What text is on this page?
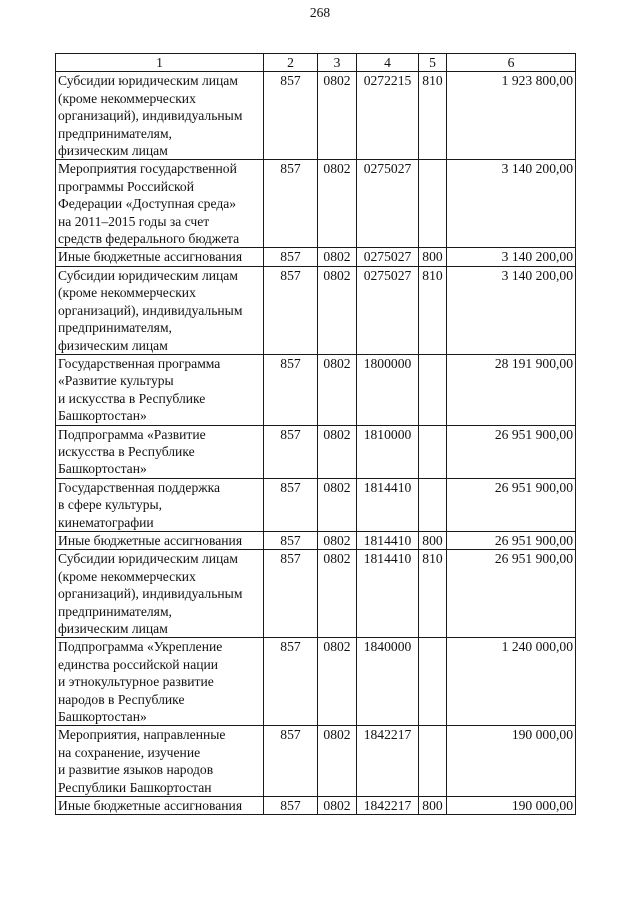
268
1	2	3	4	5	6
Субсидии юридическим лицам
(кроме некоммерческих
организаций), индивидуальным
предпринимателям,
физическим лицам	857	0802	0272215	810	1 923 800,00
Мероприятия государственной
программы Российской
Федерации «Доступная среда»
на 2011–2015 годы за счет
средств федерального бюджета	857	0802	0275027		3 140 200,00
Иные бюджетные ассигнования	857	0802	0275027	800	3 140 200,00
Субсидии юридическим лицам
(кроме некоммерческих
организаций), индивидуальным
предпринимателям,
физическим лицам	857	0802	0275027	810	3 140 200,00
Государственная программа
«Развитие культуры
и искусства в Республике
Башкортостан»	857	0802	1800000		28 191 900,00
Подпрограмма «Развитие
искусства в Республике
Башкортостан»	857	0802	1810000		26 951 900,00
Государственная поддержка
в сфере культуры,
кинематографии	857	0802	1814410		26 951 900,00
Иные бюджетные ассигнования	857	0802	1814410	800	26 951 900,00
Субсидии юридическим лицам
(кроме некоммерческих
организаций), индивидуальным
предпринимателям,
физическим лицам	857	0802	1814410	810	26 951 900,00
Подпрограмма «Укрепление
единства российской нации
и этнокультурное развитие
народов в Республике
Башкортостан»	857	0802	1840000		1 240 000,00
Мероприятия, направленные
на сохранение, изучение
и развитие языков народов
Республики Башкортостан	857	0802	1842217		190 000,00
Иные бюджетные ассигнования	857	0802	1842217	800	190 000,00
